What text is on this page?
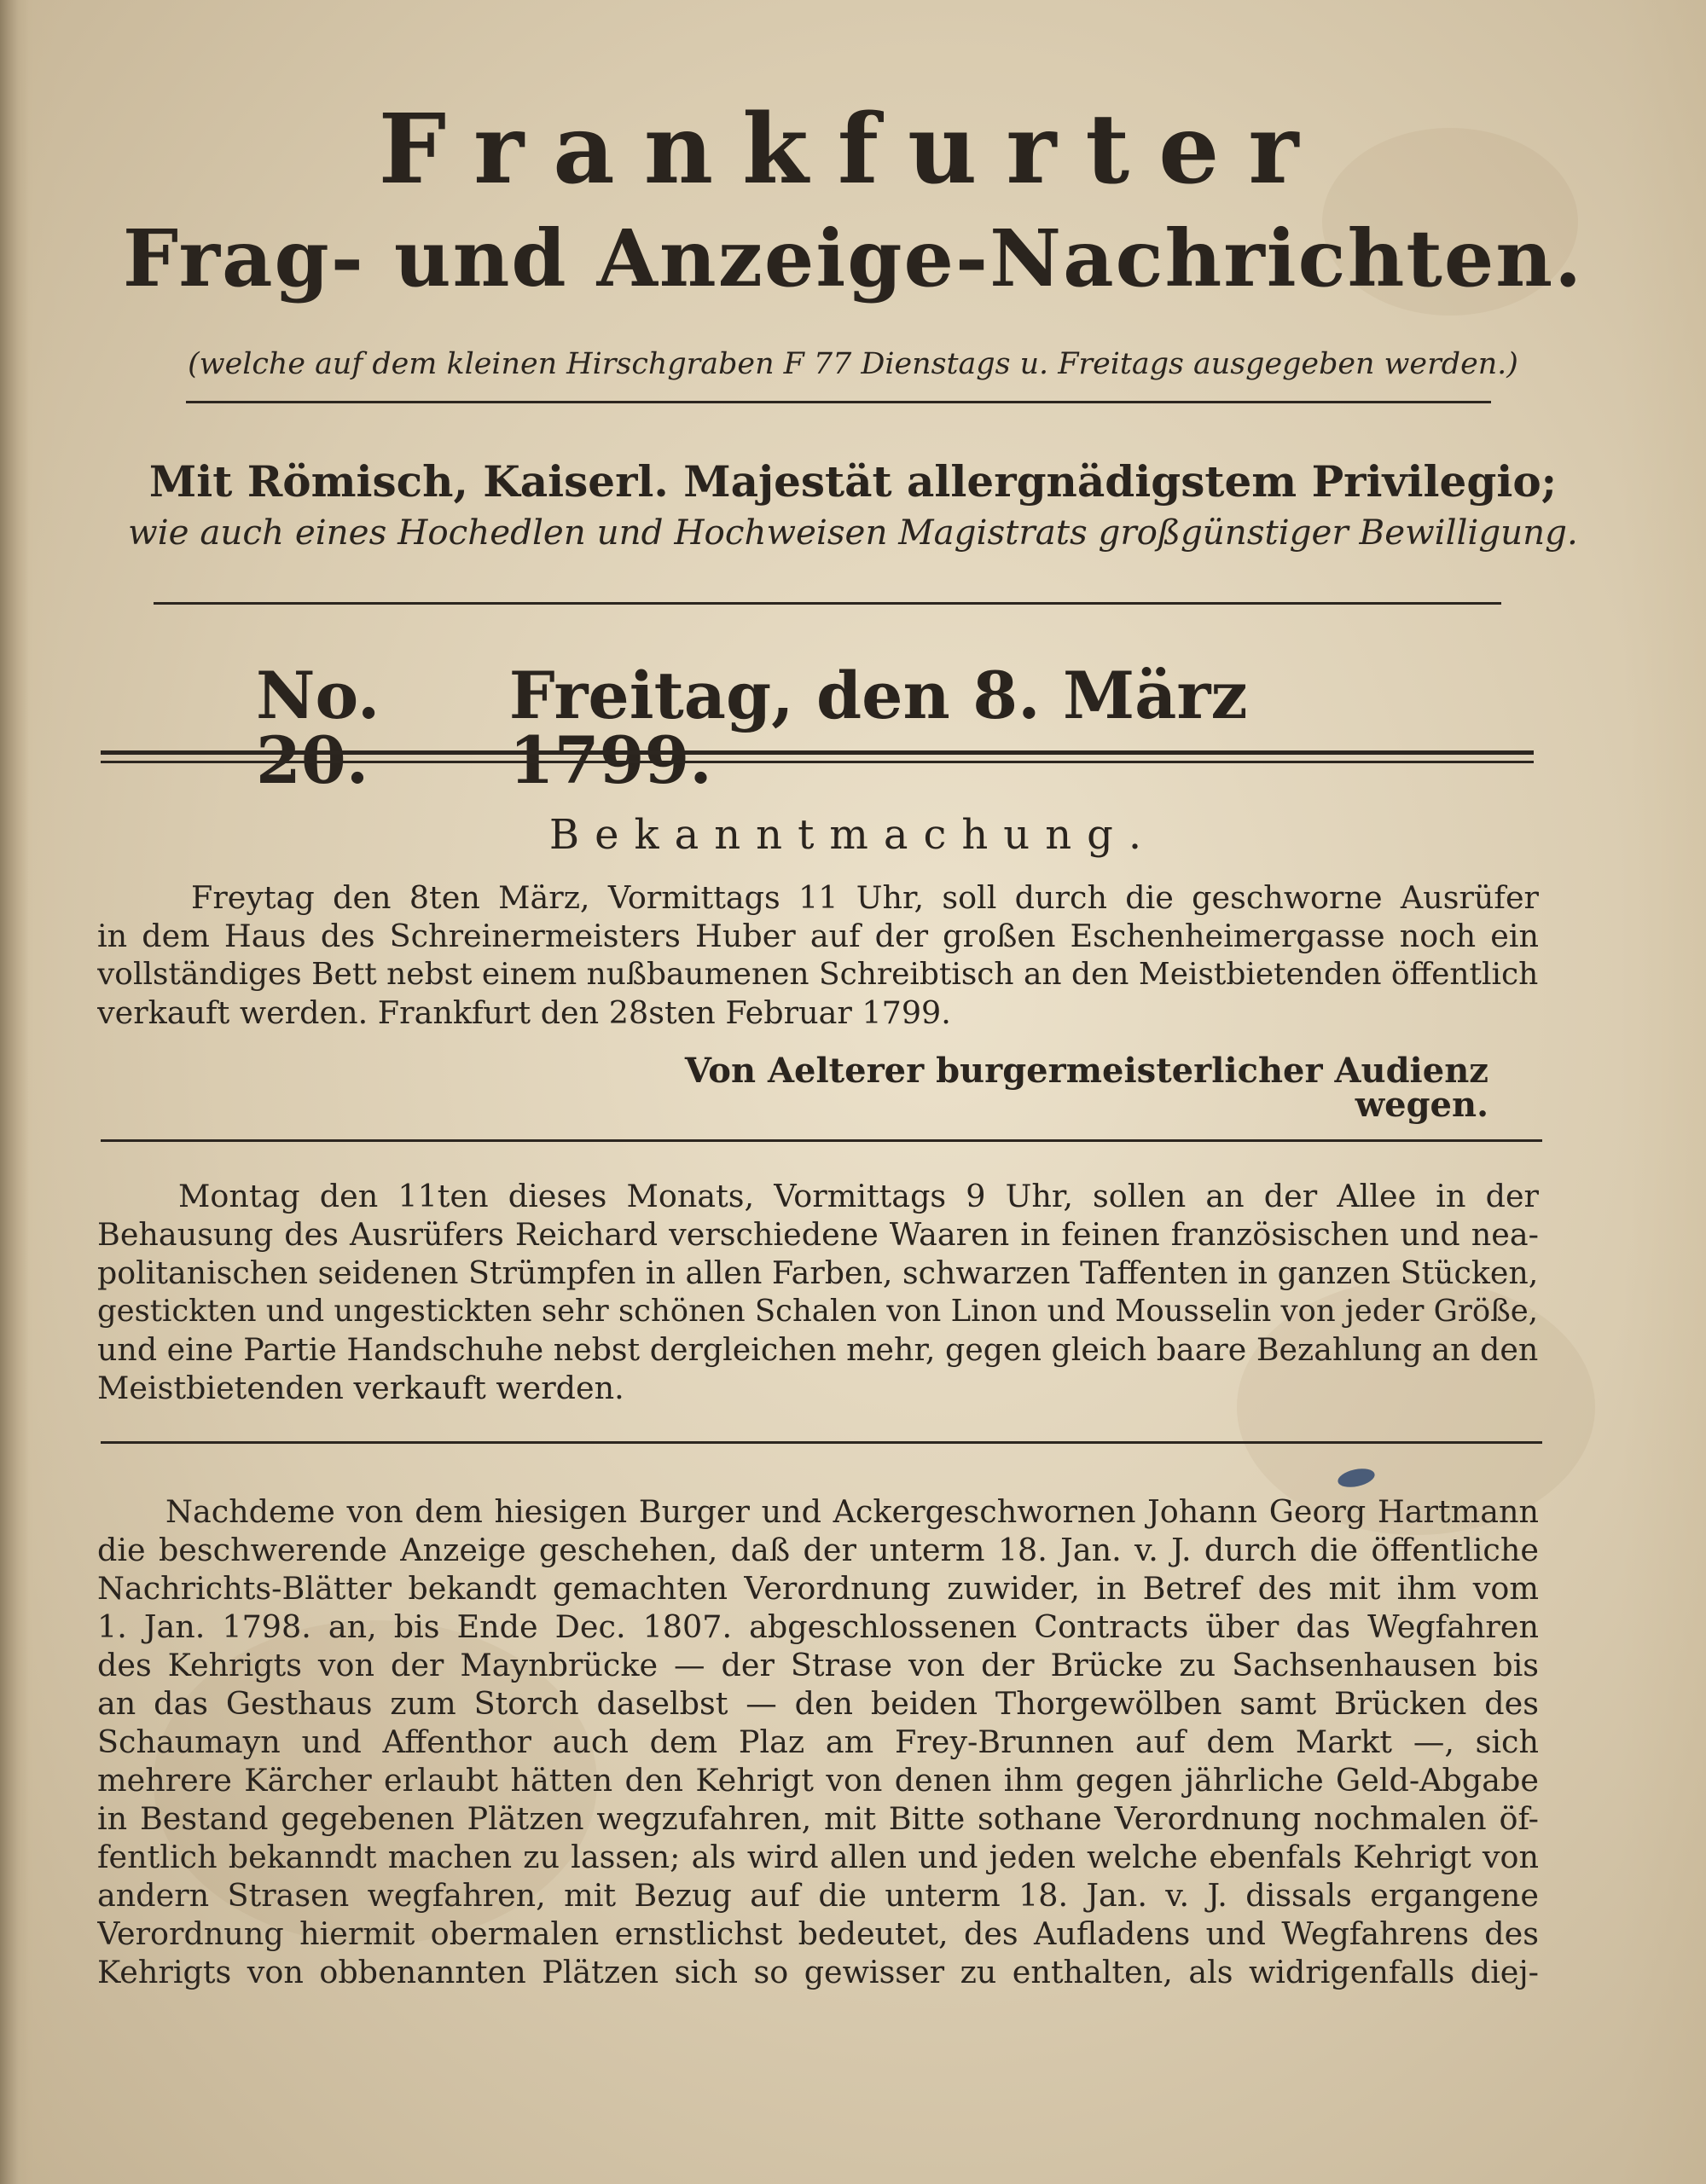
Frankfurter
Frag- und Anzeige-Nachrichten.
(welche auf dem kleinen Hirschgraben F 77 Dienstags u. Freitags ausgegeben werden.)
Mit Römisch, Kaiserl. Majestät allergnädigstem Privilegio;
wie auch eines Hochedlen und Hochweisen Magistrats großgünstiger Bewilligung.
No.	Freitag, den 8. März
Bekanntmachung.
Freytag den 8ten März, Vormittags 11 Uhr, soll durch die geschworne Ausrüfer
in dem Haus des Schreinermeisters Huber auf der großen Eschenheimergasse noch ein
vollständiges Bett nebst einem nußbaumenen Schreibtisch an den Meistbietenden öffentlich
verkauft werden. Frankfurt den 28sten Februar 1799.
Von Aelterer burgermeisterlicher Audienz wegen.
Montag den 11ten dieses Monats, Vormittags 9 Uhr, sollen an der Allee in der
Behausung des Ausrüfers Reichard verschiedene Waaren in feinen französischen und nea-
politanischen seidenen Strümpfen in allen Farben, schwarzen Taffenten in ganzen Stücken,
gestickten und ungestickten sehr schönen Schalen von Linon und Mousselin von jeder Größe,
und eine Partie Handschuhe nebst dergleichen mehr, gegen gleich baare Bezahlung an den
Meistbietenden verkauft werden.
Nachdeme von dem hiesigen Burger und Ackergeschwornen Johann Georg Hartmann
die beschwerende Anzeige geschehen, daß der unterm 18. Jan. v. J. durch die öffentliche
Nachrichts-Blätter bekandt gemachten Verordnung zuwider, in Betref des mit ihm vom
1. Jan. 1798. an, bis Ende Dec. 1807. abgeschlossenen Contracts über das Wegfahren
des Kehrigts von der Maynbrücke — der Strase von der Brücke zu Sachsenhausen bis
an das Gesthaus zum Storch daselbst — den beiden Thorgewölben samt Brücken des
Schaumayn und Affenthor auch dem Plaz am Frey-Brunnen auf dem Markt —, sich
mehrere Kärcher erlaubt hätten den Kehrigt von denen ihm gegen jährliche Geld-Abgabe
in Bestand gegebenen Plätzen wegzufahren, mit Bitte sothane Verordnung nochmalen öf-
fentlich bekanndt machen zu lassen; als wird allen und jeden welche ebenfals Kehrigt von
andern Strasen wegfahren, mit Bezug auf die unterm 18. Jan. v. J. dissals ergangene
Verordnung hiermit obermalen ernstlichst bedeutet, des Aufladens und Wegfahrens des
Kehrigts von obbenannten Plätzen sich so gewisser zu enthalten, als widrigenfalls diej-
